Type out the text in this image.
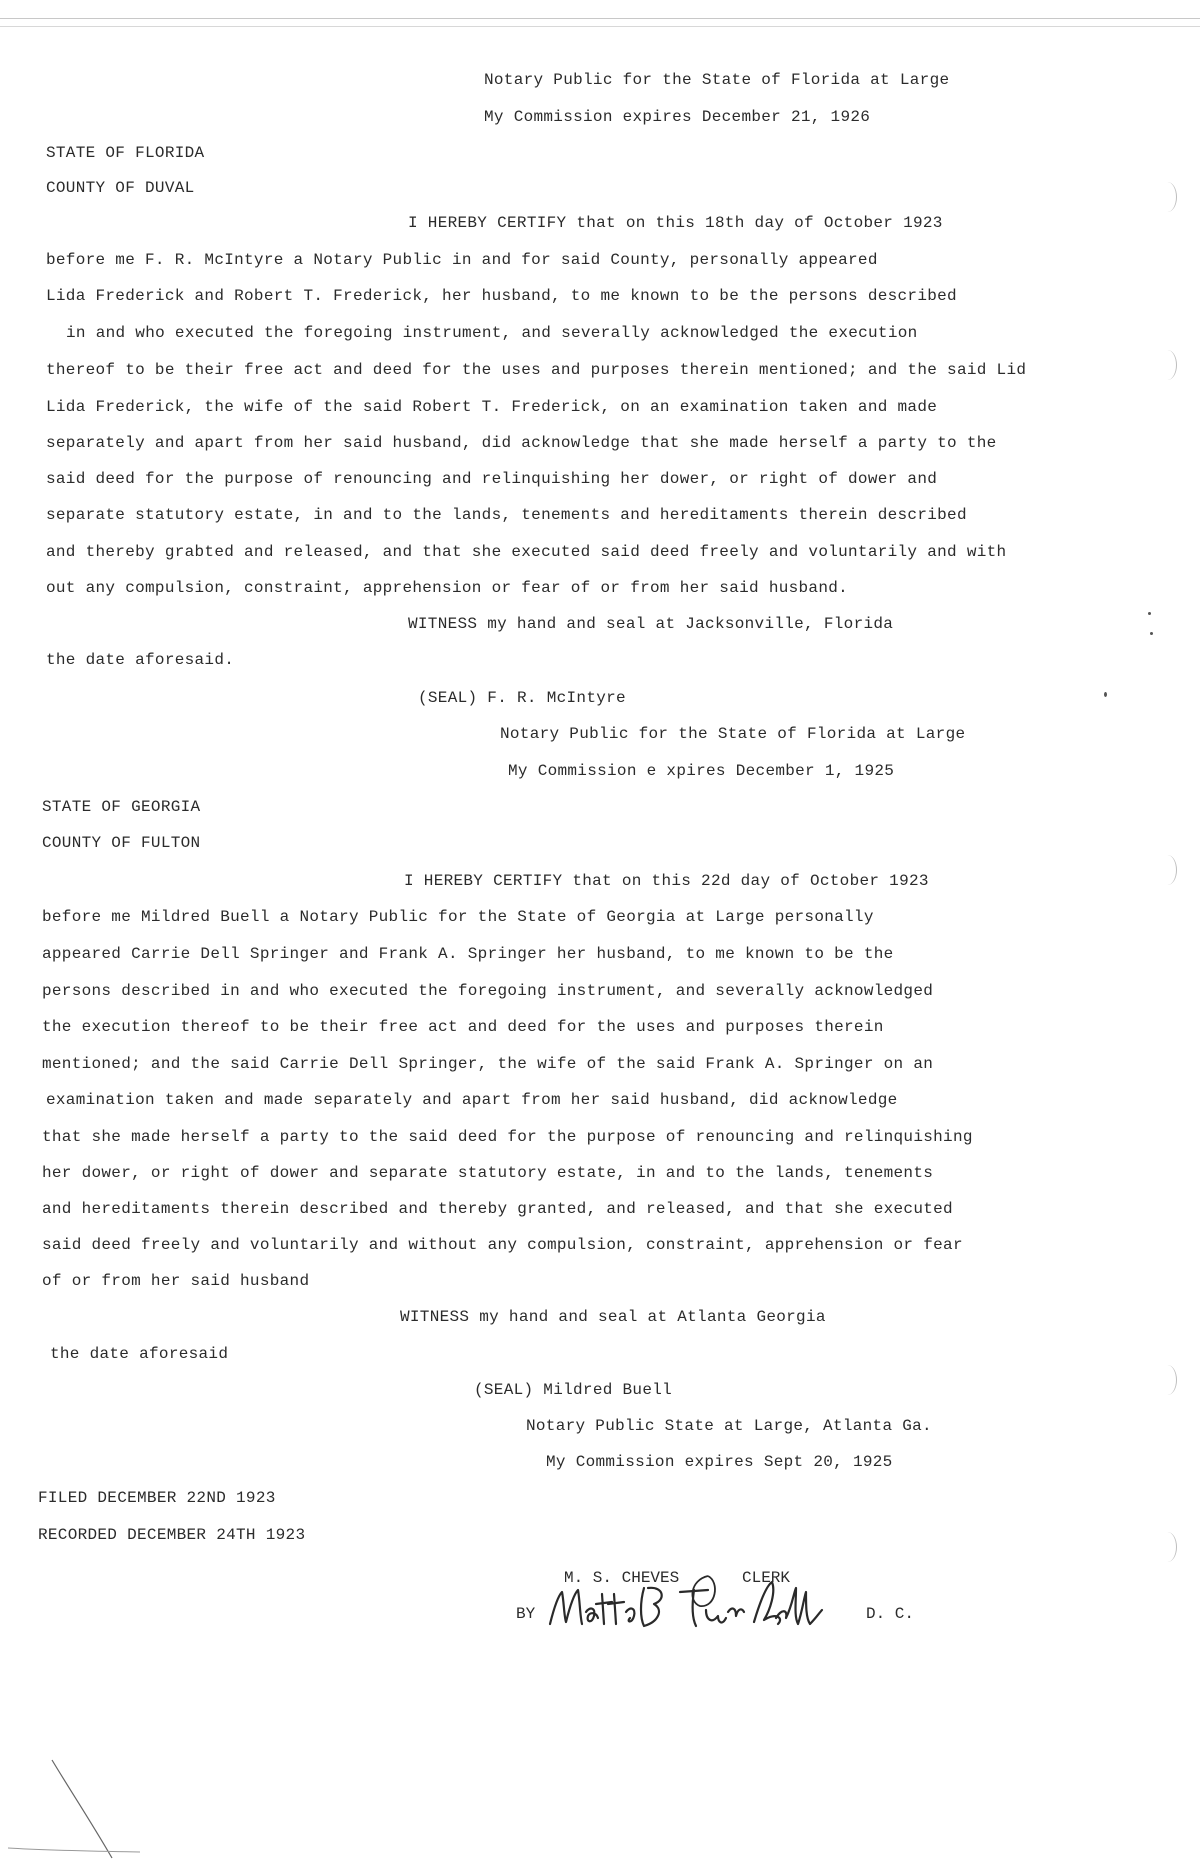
Notary Public for the State of Florida at Large
My Commission expires December 21, 1926
STATE OF FLORIDA
COUNTY OF DUVAL
I HEREBY CERTIFY that on this 18th day of October 1923
before me F. R. McIntyre a Notary Public in and for said County, personally appeared
Lida Frederick and Robert T. Frederick, her husband, to me known to be the persons described
in and who executed the foregoing instrument, and severally acknowledged the execution
thereof to be their free act and deed for the uses and purposes therein mentioned; and the said Lid
Lida Frederick, the wife of the said Robert T. Frederick, on an examination taken and made
separately and apart from her said husband, did acknowledge that she made herself a party to the
said deed for the purpose of renouncing and relinquishing her dower, or right of dower and
separate statutory estate, in and to the lands, tenements and hereditaments therein described
and thereby grabted and released, and that she executed said deed freely and voluntarily and with
out any compulsion, constraint, apprehension or fear of or from her said husband.
WITNESS my hand and seal at Jacksonville, Florida
the date aforesaid.
(SEAL) F. R. McIntyre
Notary Public for the State of Florida at Large
My Commission e xpires December 1, 1925
STATE OF GEORGIA
COUNTY OF FULTON
I HEREBY CERTIFY that on this 22d day of October 1923
before me Mildred Buell a Notary Public for the State of Georgia at Large personally
appeared Carrie Dell Springer and Frank A. Springer her husband, to me known to be the
persons described in and who executed the foregoing instrument, and severally acknowledged
the execution thereof to be their free act and deed for the uses and purposes therein
mentioned; and the said Carrie Dell Springer, the wife of the said Frank A. Springer on an
examination taken and made separately and apart from her said husband, did acknowledge
that she made herself a party to the said deed for the purpose of renouncing and relinquishing
her dower, or right of dower and separate statutory estate, in and to the lands, tenements
and hereditaments therein described and thereby granted, and released, and that she executed
said deed freely and voluntarily and without any compulsion, constraint, apprehension or fear
of or from her said husband
WITNESS my hand and seal at Atlanta Georgia
the date aforesaid
(SEAL) Mildred Buell
Notary Public State at Large, Atlanta Ga.
My Commission expires Sept 20, 1925
FILED DECEMBER 22ND 1923
RECORDED DECEMBER 24TH 1923
M. S. CHEVES	CLERK
BY	D. C.
